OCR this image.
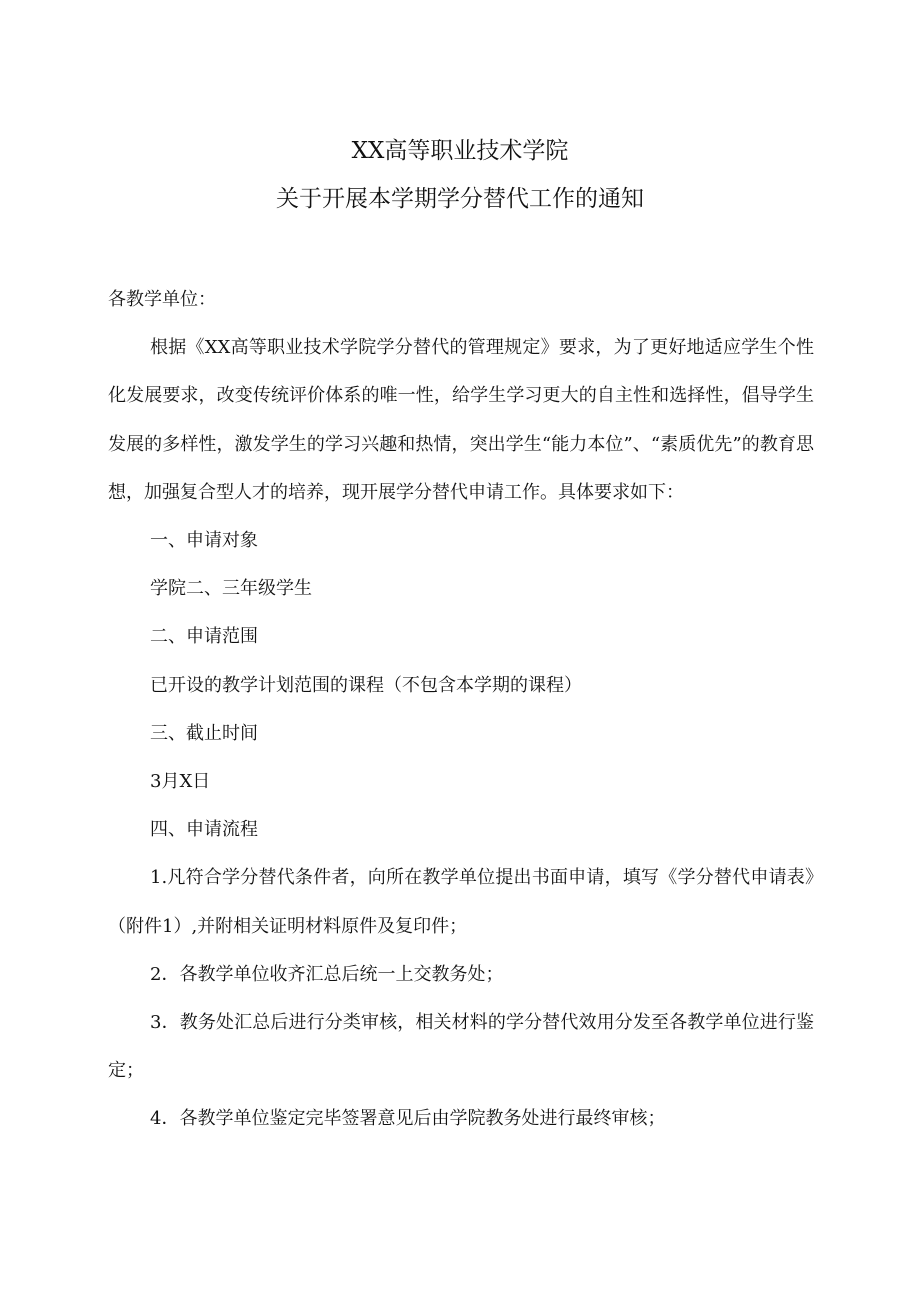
XX高等职业技术学院
关于开展本学期学分替代工作的通知

各教学单位：

根据《XX高等职业技术学院学分替代的管理规定》要求，为了更好地适应学生个性化发展要求，改变传统评价体系的唯一性，给学生学习更大的自主性和选择性，倡导学生发展的多样性，激发学生的学习兴趣和热情，突出学生“能力本位”、“素质优先”的教育思想，加强复合型人才的培养，现开展学分替代申请工作。具体要求如下：

一、申请对象

学院二、三年级学生

二、申请范围

已开设的教学计划范围的课程（不包含本学期的课程）

三、截止时间

3月X日

四、申请流程

1.凡符合学分替代条件者，向所在教学单位提出书面申请，填写《学分替代申请表》（附件1）,并附相关证明材料原件及复印件；

2．各教学单位收齐汇总后统一上交教务处；

3．教务处汇总后进行分类审核，相关材料的学分替代效用分发至各教学单位进行鉴定；

4．各教学单位鉴定完毕签署意见后由学院教务处进行最终审核；
